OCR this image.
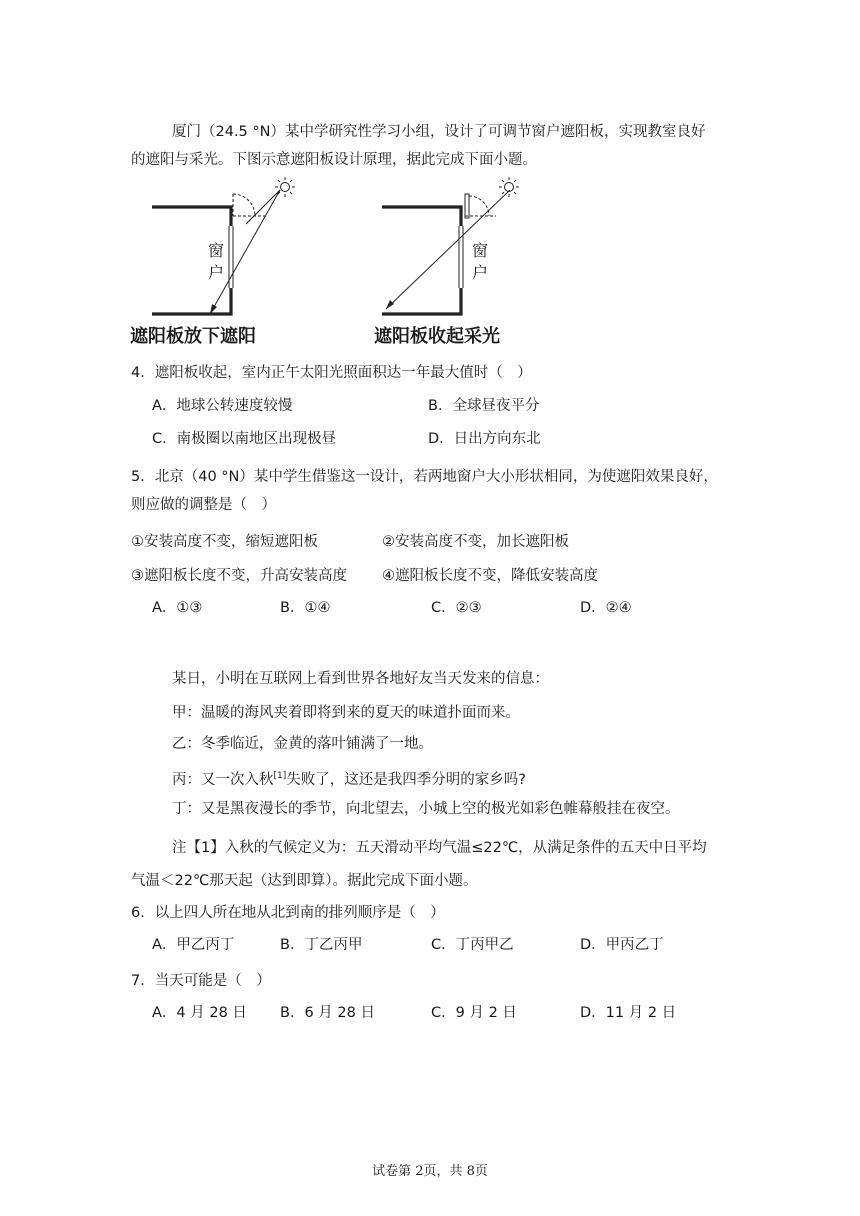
厦门（24.5 °N）某中学研究性学习小组，设计了可调节窗户遮阳板，实现教室良好
的遮阳与采光。下图示意遮阳板设计原理，据此完成下面小题。
窗
户
窗
户
遮阳板放下遮阳	遮阳板收起采光
4．遮阳板收起，室内正午太阳光照面积达一年最大值时（　）
A．地球公转速度较慢	B．全球昼夜平分
C．南极圈以南地区出现极昼	D．日出方向东北
5．北京（40 °N）某中学生借鉴这一设计，若两地窗户大小形状相同，为使遮阳效果良好，
则应做的调整是（　）
①安装高度不变，缩短遮阳板	②安装高度不变，加长遮阳板
③遮阳板长度不变，升高安装高度 ④遮阳板长度不变，降低安装高度
A．①③	B．①④	C．②③	D．②④
某日，小明在互联网上看到世界各地好友当天发来的信息：
甲：温暖的海风夹着即将到来的夏天的味道扑面而来。
乙：冬季临近，金黄的落叶铺满了一地。
丙：又一次入秋[1]失败了，这还是我四季分明的家乡吗?
丁：又是黑夜漫长的季节，向北望去，小城上空的极光如彩色帷幕般挂在夜空。
注【1】入秋的气候定义为：五天滑动平均气温≤22℃，从满足条件的五天中日平均
气温＜22℃那天起（达到即算）。据此完成下面小题。
6．以上四人所在地从北到南的排列顺序是（　）
A．甲乙丙丁	B．丁乙丙甲	C．丁丙甲乙	D．甲丙乙丁
7．当天可能是（　）
A．4 月 28 日 B．6 月 28 日	C．9 月 2 日	D．11 月 2 日
试卷第 2页，共 8页
